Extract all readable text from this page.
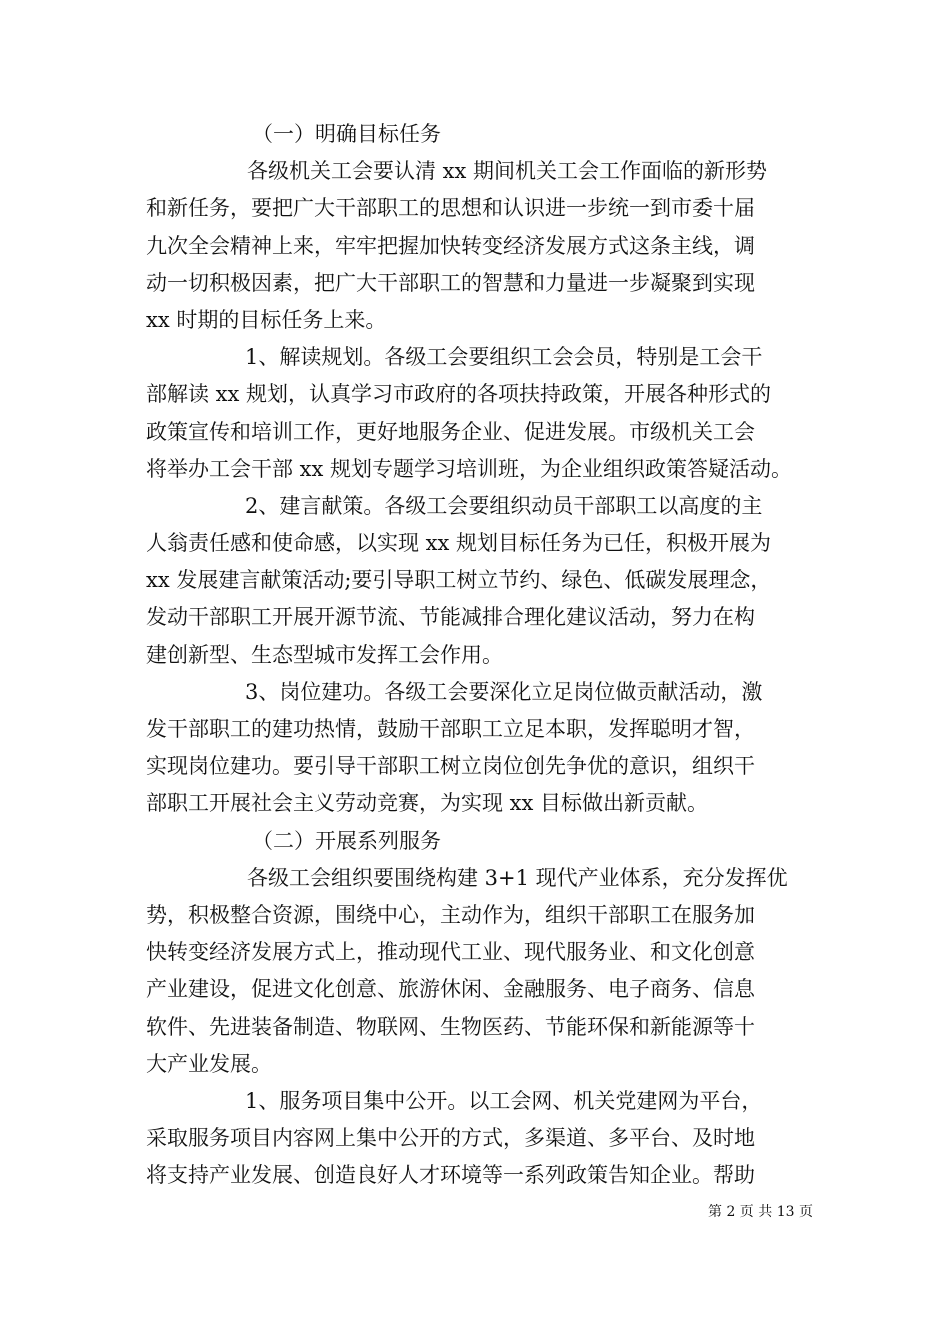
（一）明确目标任务
各级机关工会要认清 xx 期间机关工会工作面临的新形势
和新任务，要把广大干部职工的思想和认识进一步统一到市委十届
九次全会精神上来，牢牢把握加快转变经济发展方式这条主线，调
动一切积极因素，把广大干部职工的智慧和力量进一步凝聚到实现
xx 时期的目标任务上来。
1、解读规划。各级工会要组织工会会员，特别是工会干
部解读 xx 规划，认真学习市政府的各项扶持政策，开展各种形式的
政策宣传和培训工作，更好地服务企业、促进发展。市级机关工会
将举办工会干部 xx 规划专题学习培训班，为企业组织政策答疑活动。
2、建言献策。各级工会要组织动员干部职工以高度的主
人翁责任感和使命感，以实现 xx 规划目标任务为已任，积极开展为
xx 发展建言献策活动;要引导职工树立节约、绿色、低碳发展理念，
发动干部职工开展开源节流、节能减排合理化建议活动，努力在构
建创新型、生态型城市发挥工会作用。
3、岗位建功。各级工会要深化立足岗位做贡献活动，激
发干部职工的建功热情，鼓励干部职工立足本职，发挥聪明才智，
实现岗位建功。要引导干部职工树立岗位创先争优的意识，组织干
部职工开展社会主义劳动竞赛，为实现 xx 目标做出新贡献。
（二）开展系列服务
各级工会组织要围绕构建 3+1 现代产业体系，充分发挥优
势，积极整合资源，围绕中心，主动作为，组织干部职工在服务加
快转变经济发展方式上，推动现代工业、现代服务业、和文化创意
产业建设，促进文化创意、旅游休闲、金融服务、电子商务、信息
软件、先进装备制造、物联网、生物医药、节能环保和新能源等十
大产业发展。
1、服务项目集中公开。以工会网、机关党建网为平台，
采取服务项目内容网上集中公开的方式，多渠道、多平台、及时地
将支持产业发展、创造良好人才环境等一系列政策告知企业。帮助
第 2 页 共 13 页
